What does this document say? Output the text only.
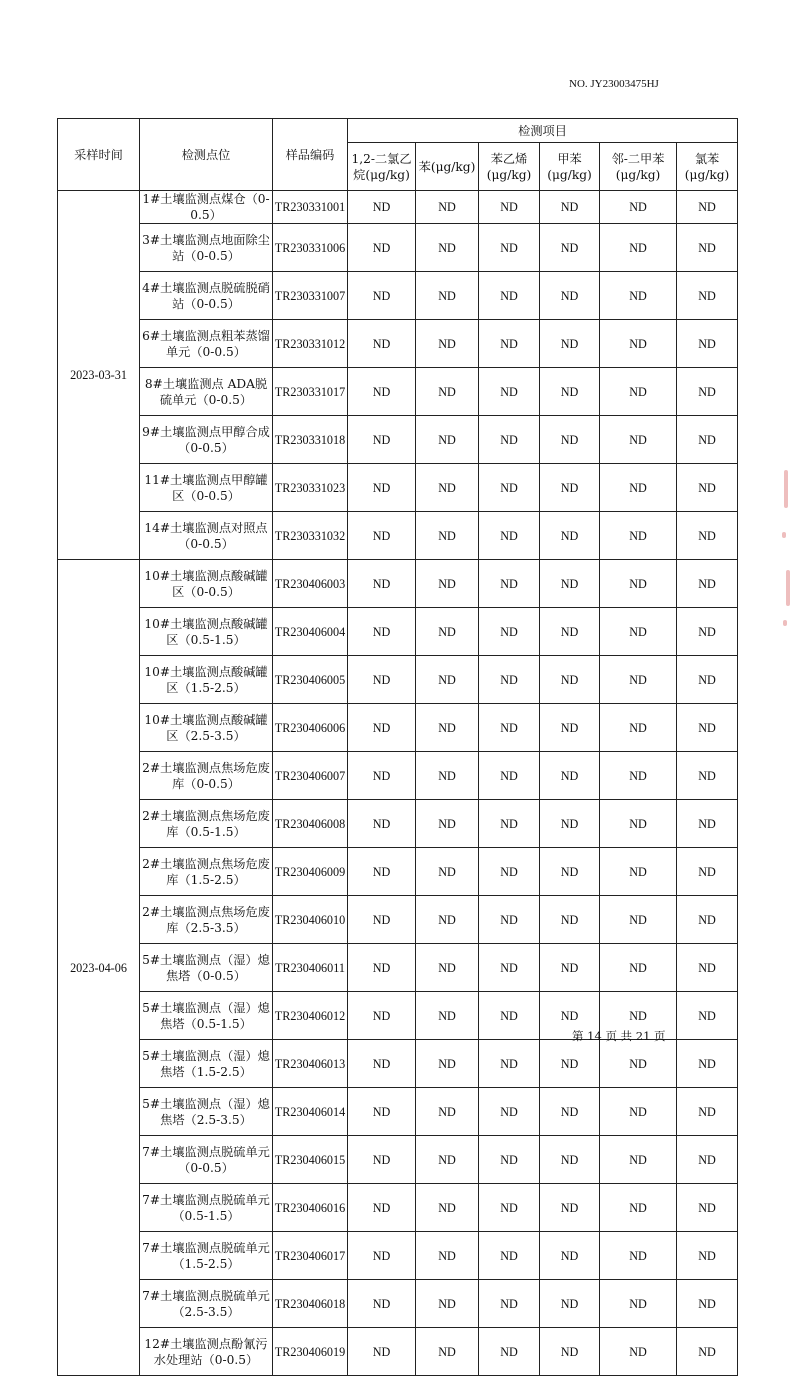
NO. JY23003475HJ
采样时间	检测点位	样品编码	检测项目					
			1,2-二氯乙烷(μg/kg)	苯(μg/kg)	苯乙烯(μg/kg)	甲苯(μg/kg)	邻-二甲苯(μg/kg)	氯苯(μg/kg)
2023-03-31	1#土壤监测点煤仓（0-0.5）	TR230331001	ND	ND	ND	ND	ND	ND
	3#土壤监测点地面除尘站（0-0.5）	TR230331006	ND	ND	ND	ND	ND	ND
	4#土壤监测点脱硫脱硝站（0-0.5）	TR230331007	ND	ND	ND	ND	ND	ND
	6#土壤监测点粗苯蒸馏单元（0-0.5）	TR230331012	ND	ND	ND	ND	ND	ND
	8#土壤监测点 ADA脱硫单元（0-0.5）	TR230331017	ND	ND	ND	ND	ND	ND
	9#土壤监测点甲醇合成（0-0.5）	TR230331018	ND	ND	ND	ND	ND	ND
	11#土壤监测点甲醇罐区（0-0.5）	TR230331023	ND	ND	ND	ND	ND	ND
	14#土壤监测点对照点（0-0.5）	TR230331032	ND	ND	ND	ND	ND	ND
2023-04-06	10#土壤监测点酸碱罐区（0-0.5）	TR230406003	ND	ND	ND	ND	ND	ND
	10#土壤监测点酸碱罐区（0.5-1.5）	TR230406004	ND	ND	ND	ND	ND	ND
	10#土壤监测点酸碱罐区（1.5-2.5）	TR230406005	ND	ND	ND	ND	ND	ND
	10#土壤监测点酸碱罐区（2.5-3.5）	TR230406006	ND	ND	ND	ND	ND	ND
	2#土壤监测点焦场危废库（0-0.5）	TR230406007	ND	ND	ND	ND	ND	ND
	2#土壤监测点焦场危废库（0.5-1.5）	TR230406008	ND	ND	ND	ND	ND	ND
	2#土壤监测点焦场危废库（1.5-2.5）	TR230406009	ND	ND	ND	ND	ND	ND
	2#土壤监测点焦场危废库（2.5-3.5）	TR230406010	ND	ND	ND	ND	ND	ND
	5#土壤监测点（湿）熄焦塔（0-0.5）	TR230406011	ND	ND	ND	ND	ND	ND
	5#土壤监测点（湿）熄焦塔（0.5-1.5）	TR230406012	ND	ND	ND	ND	ND	ND
	5#土壤监测点（湿）熄焦塔（1.5-2.5）	TR230406013	ND	ND	ND	ND	ND	ND
	5#土壤监测点（湿）熄焦塔（2.5-3.5）	TR230406014	ND	ND	ND	ND	ND	ND
	7#土壤监测点脱硫单元（0-0.5）	TR230406015	ND	ND	ND	ND	ND	ND
	7#土壤监测点脱硫单元（0.5-1.5）	TR230406016	ND	ND	ND	ND	ND	ND
	7#土壤监测点脱硫单元（1.5-2.5）	TR230406017	ND	ND	ND	ND	ND	ND
	7#土壤监测点脱硫单元（2.5-3.5）	TR230406018	ND	ND	ND	ND	ND	ND
	12#土壤监测点酚氰污水处理站（0-0.5）	TR230406019	ND	ND	ND	ND	ND	ND
第 14 页 共 21 页
